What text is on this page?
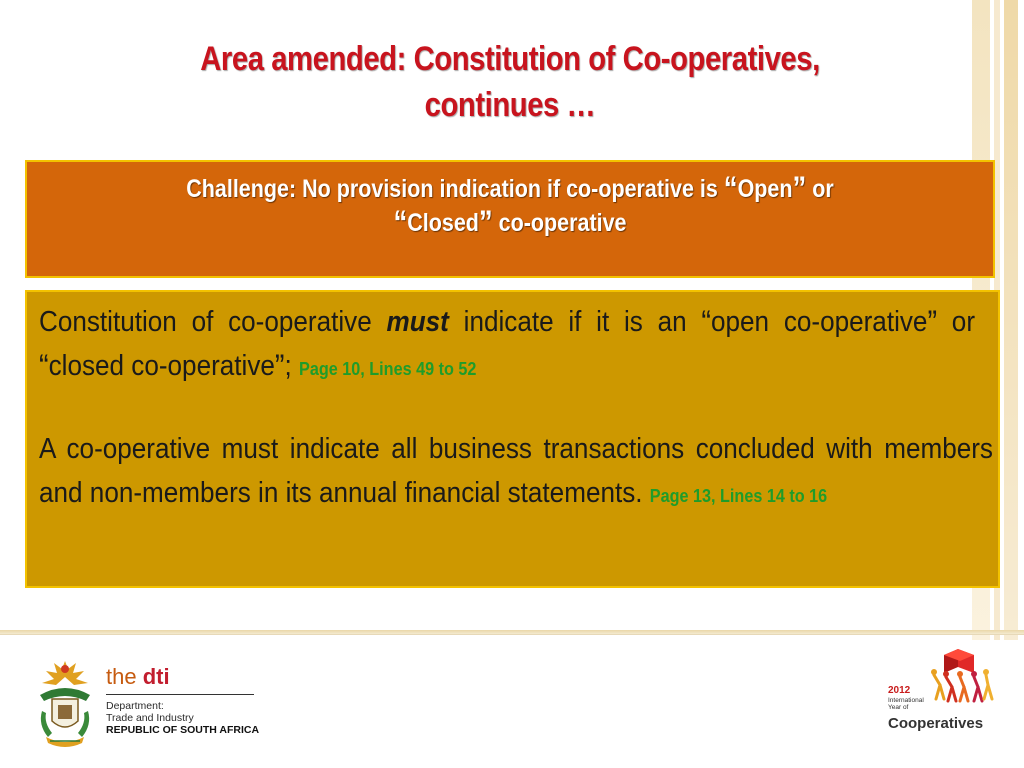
Area amended: Constitution of Co-operatives,
continues …
Challenge: No provision indication if co-operative is “Open” or
“Closed” co-operative
Constitution of co-operative must indicate if it is an “open co-operative” or “closed co-operative”; Page 10, Lines 49 to 52
A co-operative must indicate all business transactions concluded with members and non-members in its annual financial statements. Page 13, Lines 14 to 16
the dti
Department:
Trade and Industry
REPUBLIC OF SOUTH AFRICA
2012
International
Year of
Cooperatives
